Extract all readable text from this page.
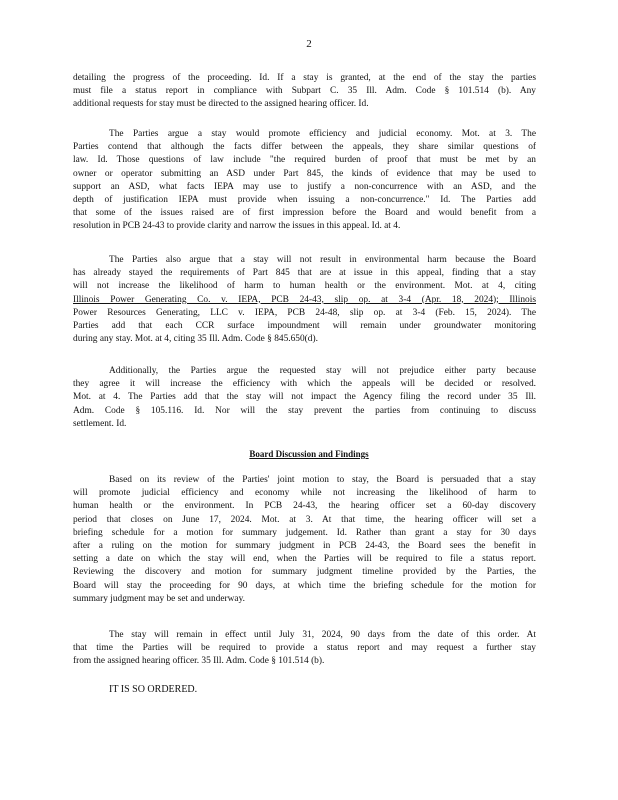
2
detailing the progress of the proceeding. Id. If a stay is granted, at the end of the stay the parties
must file a status report in compliance with Subpart C. 35 Ill. Adm. Code § 101.514 (b). Any
additional requests for stay must be directed to the assigned hearing officer. Id.
The Parties argue a stay would promote efficiency and judicial economy. Mot. at 3. The
Parties contend that although the facts differ between the appeals, they share similar questions of
law. Id. Those questions of law include "the required burden of proof that must be met by an
owner or operator submitting an ASD under Part 845, the kinds of evidence that may be used to
support an ASD, what facts IEPA may use to justify a non-concurrence with an ASD, and the
depth of justification IEPA must provide when issuing a non-concurrence." Id. The Parties add
that some of the issues raised are of first impression before the Board and would benefit from a
resolution in PCB 24-43 to provide clarity and narrow the issues in this appeal. Id. at 4.
The Parties also argue that a stay will not result in environmental harm because the Board
has already stayed the requirements of Part 845 that are at issue in this appeal, finding that a stay
will not increase the likelihood of harm to human health or the environment. Mot. at 4, citing
Illinois Power Generating Co. v. IEPA, PCB 24-43, slip op. at 3-4 (Apr. 18, 2024); Illinois
Power Resources Generating, LLC v. IEPA, PCB 24-48, slip op. at 3-4 (Feb. 15, 2024). The
Parties add that each CCR surface impoundment will remain under groundwater monitoring
during any stay. Mot. at 4, citing 35 Ill. Adm. Code § 845.650(d).
Additionally, the Parties argue the requested stay will not prejudice either party because
they agree it will increase the efficiency with which the appeals will be decided or resolved.
Mot. at 4. The Parties add that the stay will not impact the Agency filing the record under 35 Ill.
Adm. Code § 105.116. Id. Nor will the stay prevent the parties from continuing to discuss
settlement. Id.
Board Discussion and Findings
Based on its review of the Parties' joint motion to stay, the Board is persuaded that a stay
will promote judicial efficiency and economy while not increasing the likelihood of harm to
human health or the environment. In PCB 24-43, the hearing officer set a 60-day discovery
period that closes on June 17, 2024. Mot. at 3. At that time, the hearing officer will set a
briefing schedule for a motion for summary judgement. Id. Rather than grant a stay for 30 days
after a ruling on the motion for summary judgment in PCB 24-43, the Board sees the benefit in
setting a date on which the stay will end, when the Parties will be required to file a status report.
Reviewing the discovery and motion for summary judgment timeline provided by the Parties, the
Board will stay the proceeding for 90 days, at which time the briefing schedule for the motion for
summary judgment may be set and underway.
The stay will remain in effect until July 31, 2024, 90 days from the date of this order. At
that time the Parties will be required to provide a status report and may request a further stay
from the assigned hearing officer. 35 Ill. Adm. Code § 101.514 (b).
IT IS SO ORDERED.
